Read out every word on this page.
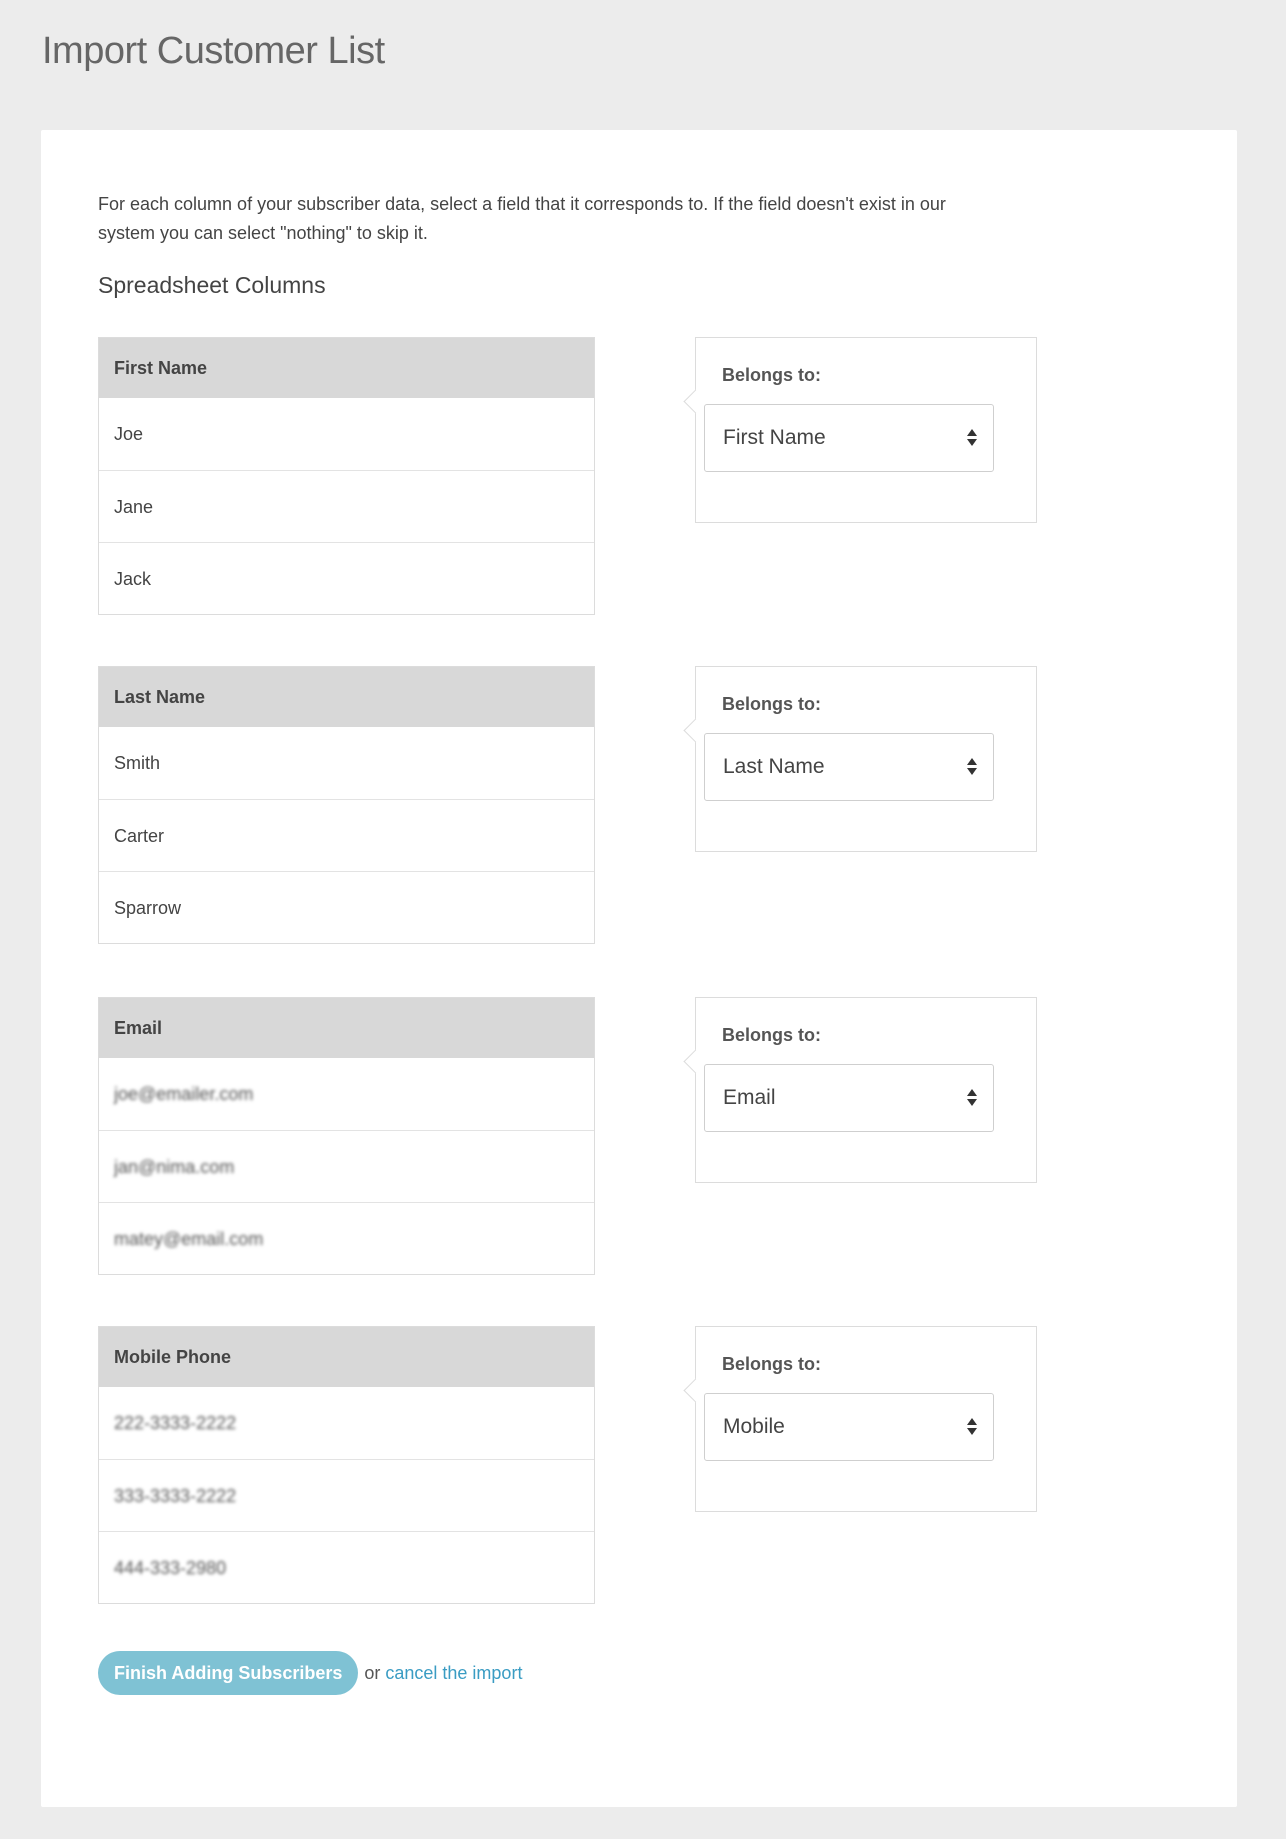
Import Customer List

For each column of your subscriber data, select a field that it corresponds to. If the field doesn't exist in our system you can select "nothing" to skip it.

Spreadsheet Columns
First Name
Joe
Jane
Jack
Belongs to:
First Name
Last Name
Smith
Carter
Sparrow
Belongs to:
Last Name
Email
joe@emailer.com
jan@nima.com
matey@email.com
Belongs to:
Email
Mobile Phone
222-3333-2222
333-3333-2222
444-333-2980
Belongs to:
Mobile
Finish Adding Subscribers	or cancel the import
